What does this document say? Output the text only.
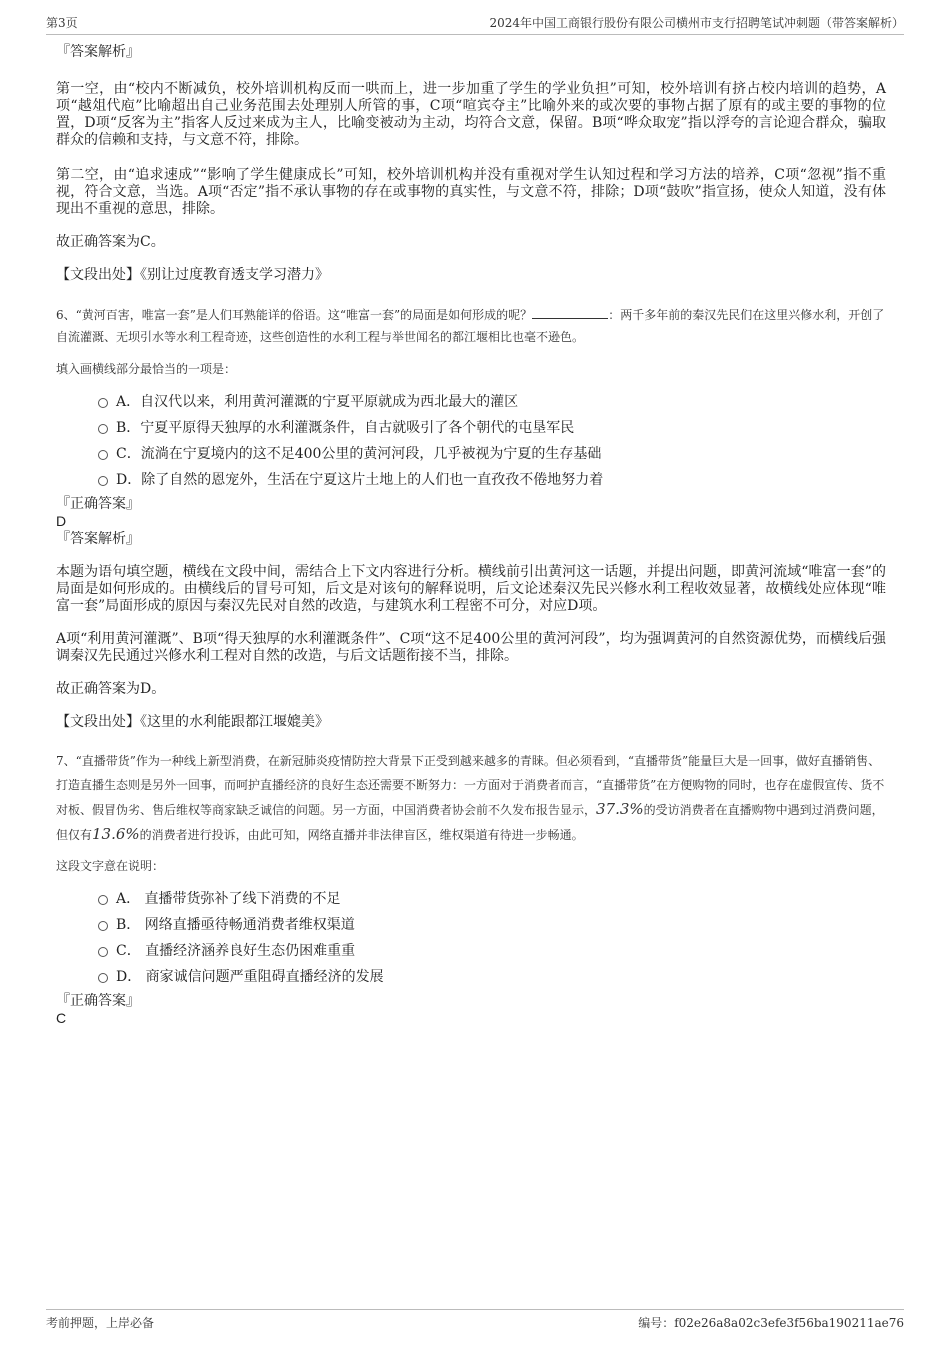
第3页	2024年中国工商银行股份有限公司横州市支行招聘笔试冲刺题（带答案解析）
『答案解析』
第一空，由“校内不断减负，校外培训机构反而一哄而上，进一步加重了学生的学业负担”可知，校外培训有挤占校内培训的趋势，A项“越俎代庖”比喻超出自己业务范围去处理别人所管的事，C项“喧宾夺主”比喻外来的或次要的事物占据了原有的或主要的事物的位置，D项“反客为主”指客人反过来成为主人，比喻变被动为主动，均符合文意，保留。B项“哗众取宠”指以浮夸的言论迎合群众，骗取群众的信赖和支持，与文意不符，排除。
第二空，由“追求速成”“影响了学生健康成长”可知，校外培训机构并没有重视对学生认知过程和学习方法的培养，C项“忽视”指不重视，符合文意，当选。A项“否定”指不承认事物的存在或事物的真实性，与文意不符，排除；D项“鼓吹”指宣扬，使众人知道，没有体现出不重视的意思，排除。
故正确答案为C。
【文段出处】《别让过度教育透支学习潜力》
6、“黄河百害，唯富一套”是人们耳熟能详的俗语。这“唯富一套”的局面是如何形成的呢？	：两千多年前的秦汉先民们在这里兴修水利，开创了自流灌溉、无坝引水等水利工程奇迹，这些创造性的水利工程与举世闻名的都江堰相比也毫不逊色。
填入画横线部分最恰当的一项是：
A．自汉代以来，利用黄河灌溉的宁夏平原就成为西北最大的灌区
B．宁夏平原得天独厚的水利灌溉条件，自古就吸引了各个朝代的屯垦军民
C．流淌在宁夏境内的这不足400公里的黄河河段，几乎被视为宁夏的生存基础
D．除了自然的恩宠外，生活在宁夏这片土地上的人们也一直孜孜不倦地努力着
『正确答案』
D
『答案解析』
本题为语句填空题，横线在文段中间，需结合上下文内容进行分析。横线前引出黄河这一话题，并提出问题，即黄河流域“唯富一套”的局面是如何形成的。由横线后的冒号可知，后文是对该句的解释说明，后文论述秦汉先民兴修水利工程收效显著，故横线处应体现“唯富一套”局面形成的原因与秦汉先民对自然的改造，与建筑水利工程密不可分，对应D项。
A项“利用黄河灌溉”、B项“得天独厚的水利灌溉条件”、C项“这不足400公里的黄河河段”，均为强调黄河的自然资源优势，而横线后强调秦汉先民通过兴修水利工程对自然的改造，与后文话题衔接不当，排除。
故正确答案为D。
【文段出处】《这里的水利能跟都江堰媲美》
7、“直播带货”作为一种线上新型消费，在新冠肺炎疫情防控大背景下正受到越来越多的青睐。但必须看到，“直播带货”能量巨大是一回事，做好直播销售、打造直播生态则是另外一回事，而呵护直播经济的良好生态还需要不断努力：一方面对于消费者而言，“直播带货”在方便购物的同时，也存在虚假宣传、货不对板、假冒伪劣、售后维权等商家缺乏诚信的问题。另一方面，中国消费者协会前不久发布报告显示，37.3%的受访消费者在直播购物中遇到过消费问题，但仅有13.6%的消费者进行投诉，由此可知，网络直播并非法律盲区，维权渠道有待进一步畅通。
这段文字意在说明：
A． 直播带货弥补了线下消费的不足
B． 网络直播亟待畅通消费者维权渠道
C． 直播经济涵养良好生态仍困难重重
D． 商家诚信问题严重阻碍直播经济的发展
『正确答案』
C
考前押题，上岸必备	编号：f02e26a8a02c3efe3f56ba190211ae76
